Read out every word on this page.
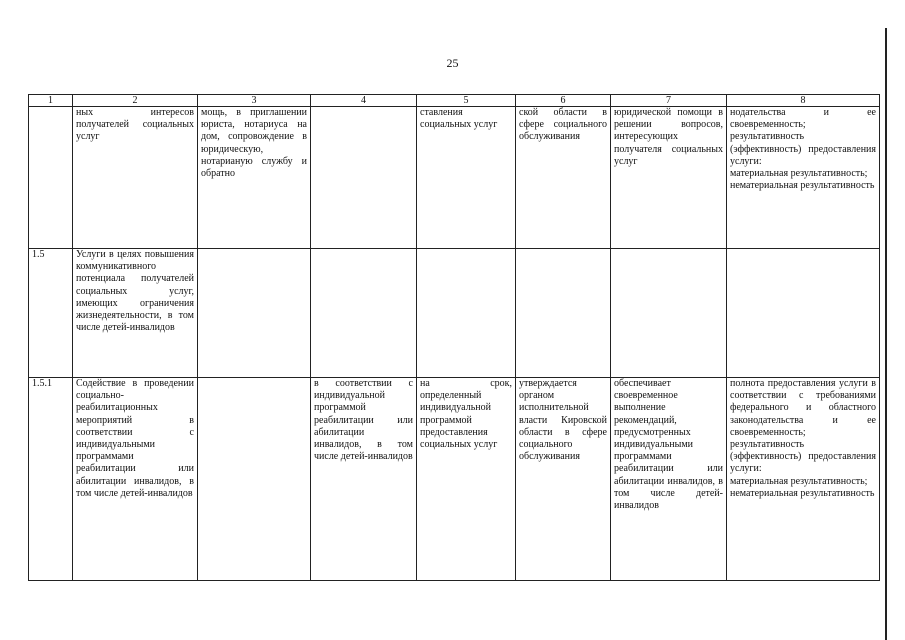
25
1	2	3	4	5	6	7	8
	ных интересов получателей социальных услуг	мощь, в приглашении юриста, нотариуса на дом, сопровождение в юридическую, нотарианую службу и обратно		ставления социальных услуг	ской области в сфере социального обслуживания	юридической помощи в решении вопросов, интересующих получателя социальных услуг	нодательства и ее своевременность;
результативность (эффективность) предоставления услуги:
материальная результативность;
нематериальная результативность

1.5	Услуги в целях повышения коммуникативного потенциала получателей социальных услуг, имеющих ограничения жизнедеятельности, в том числе детей-инвалидов						
1.5.1	Содействие в проведении социально-реабилитационных мероприятий в соответствии с индивидуальными программами реабилитации или абилитации инвалидов, в том числе детей-инвалидов		в соответствии с индивидуальной программой реабилитации или абилитации инвалидов, в том числе детей-инвалидов	на срок, определенный индивидуальной программой предоставления социальных услуг	утверждается органом исполнительной власти Кировской области в сфере социального обслуживания	обеспечивает своевременное выполнение рекомендаций, предусмотренных индивидуальными программами реабилитации или абилитации инвалидов, в том числе детей-инвалидов	полнота предоставления услуги в соответствии с требованиями федерального и областного законодательства и ее своевременность;
результативность (эффективность) предоставления услуги:
материальная результативность;
нематериальная результативность
